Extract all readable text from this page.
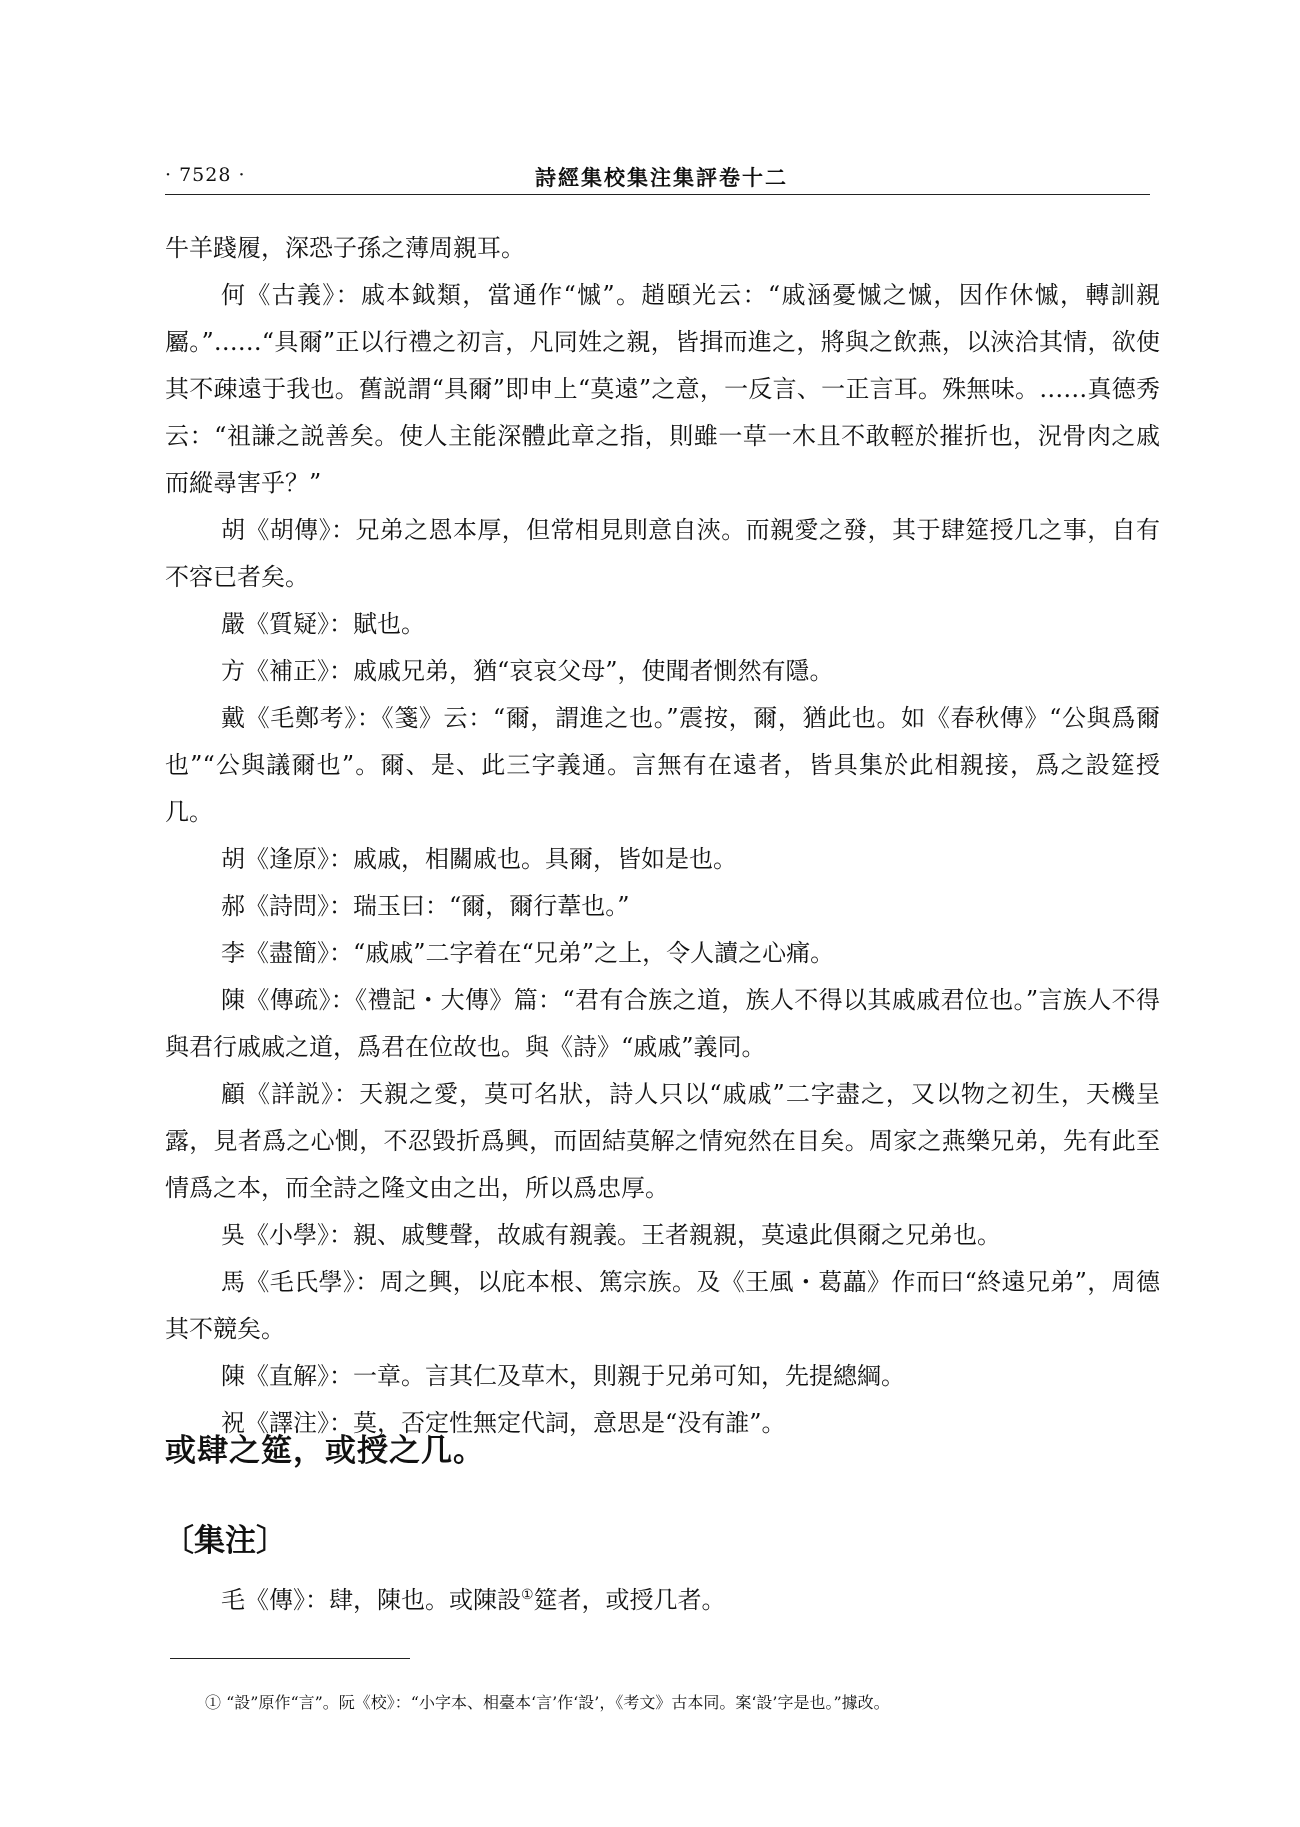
· 7528 ·	詩經集校集注集評卷十二

牛羊踐履，深恐子孫之薄周親耳。

何《古義》：戚本鉞類，當通作“慽”。趙頤光云：“戚涵憂慽之慽，因作休慽，轉訓親屬。”……“具爾”正以行禮之初言，凡同姓之親，皆揖而進之，將與之飲燕，以浹洽其情，欲使其不疎遠于我也。舊説謂“具爾”即申上“莫遠”之意，一反言、一正言耳。殊無味。……真德秀云：“祖謙之説善矣。使人主能深體此章之指，則雖一草一木且不敢輕於摧折也，況骨肉之戚而縱尋害乎？”

胡《胡傳》：兄弟之恩本厚，但常相見則意自浹。而親愛之發，其于肆筵授几之事，自有不容已者矣。

嚴《質疑》：賦也。

方《補正》：戚戚兄弟，猶“哀哀父母”，使聞者惻然有隱。

戴《毛鄭考》：《箋》云：“爾，謂進之也。”震按，爾，猶此也。如《春秋傳》“公與爲爾也”“公與議爾也”。爾、是、此三字義通。言無有在遠者，皆具集於此相親接，爲之設筵授几。

胡《逢原》：戚戚，相關戚也。具爾，皆如是也。

郝《詩問》：瑞玉曰：“爾，爾行葦也。”

李《盡簡》：“戚戚”二字着在“兄弟”之上，令人讀之心痛。

陳《傳疏》：《禮記・大傳》篇：“君有合族之道，族人不得以其戚戚君位也。”言族人不得與君行戚戚之道，爲君在位故也。與《詩》“戚戚”義同。

顧《詳説》：天親之愛，莫可名狀，詩人只以“戚戚”二字盡之，又以物之初生，天機呈露，見者爲之心惻，不忍毀折爲興，而固結莫解之情宛然在目矣。周家之燕樂兄弟，先有此至情爲之本，而全詩之隆文由之出，所以爲忠厚。

吳《小學》：親、戚雙聲，故戚有親義。王者親親，莫遠此俱爾之兄弟也。

馬《毛氏學》：周之興，以庇本根、篤宗族。及《王風・葛藟》作而曰“終遠兄弟”，周德其不競矣。

陳《直解》：一章。言其仁及草木，則親于兄弟可知，先提總綱。

祝《譯注》：莫，否定性無定代詞，意思是“没有誰”。

或肆之筵，或授之几。
〔集注〕

毛《傳》：肆，陳也。或陳設①筵者，或授几者。

① “設”原作“言”。阮《校》：“小字本、相臺本‘言’作‘設’，《考文》古本同。案‘設’字是也。”據改。
